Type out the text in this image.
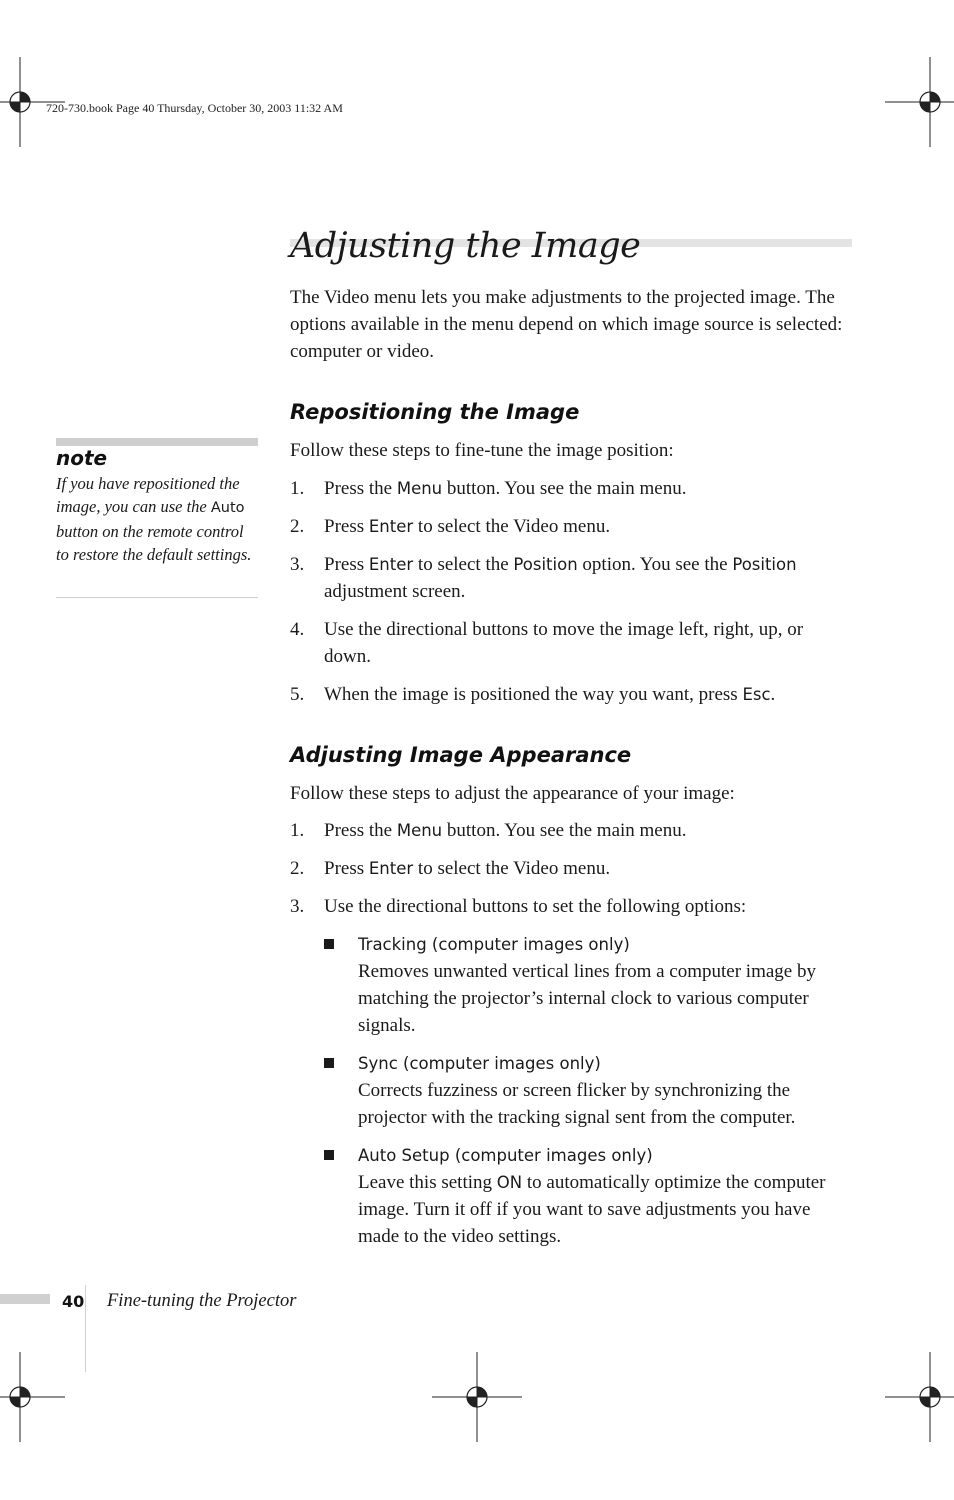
720-730.book Page 40 Thursday, October 30, 2003 11:32 AM
Adjusting the Image
The Video menu lets you make adjustments to the projected image. The options available in the menu depend on which image source is selected: computer or video.
note
If you have repositioned the image, you can use the Auto button on the remote control to restore the default settings.
Repositioning the Image
Follow these steps to fine-tune the image position:
1. Press the Menu button. You see the main menu.
2. Press Enter to select the Video menu.
3. Press Enter to select the Position option. You see the Position adjustment screen.
4. Use the directional buttons to move the image left, right, up, or down.
5. When the image is positioned the way you want, press Esc.
Adjusting Image Appearance
Follow these steps to adjust the appearance of your image:
1. Press the Menu button. You see the main menu.
2. Press Enter to select the Video menu.
3. Use the directional buttons to set the following options:
Tracking (computer images only)
Removes unwanted vertical lines from a computer image by matching the projector’s internal clock to various computer signals.
Sync (computer images only)
Corrects fuzziness or screen flicker by synchronizing the projector with the tracking signal sent from the computer.
Auto Setup (computer images only)
Leave this setting ON to automatically optimize the computer image. Turn it off if you want to save adjustments you have made to the video settings.
40 Fine-tuning the Projector
